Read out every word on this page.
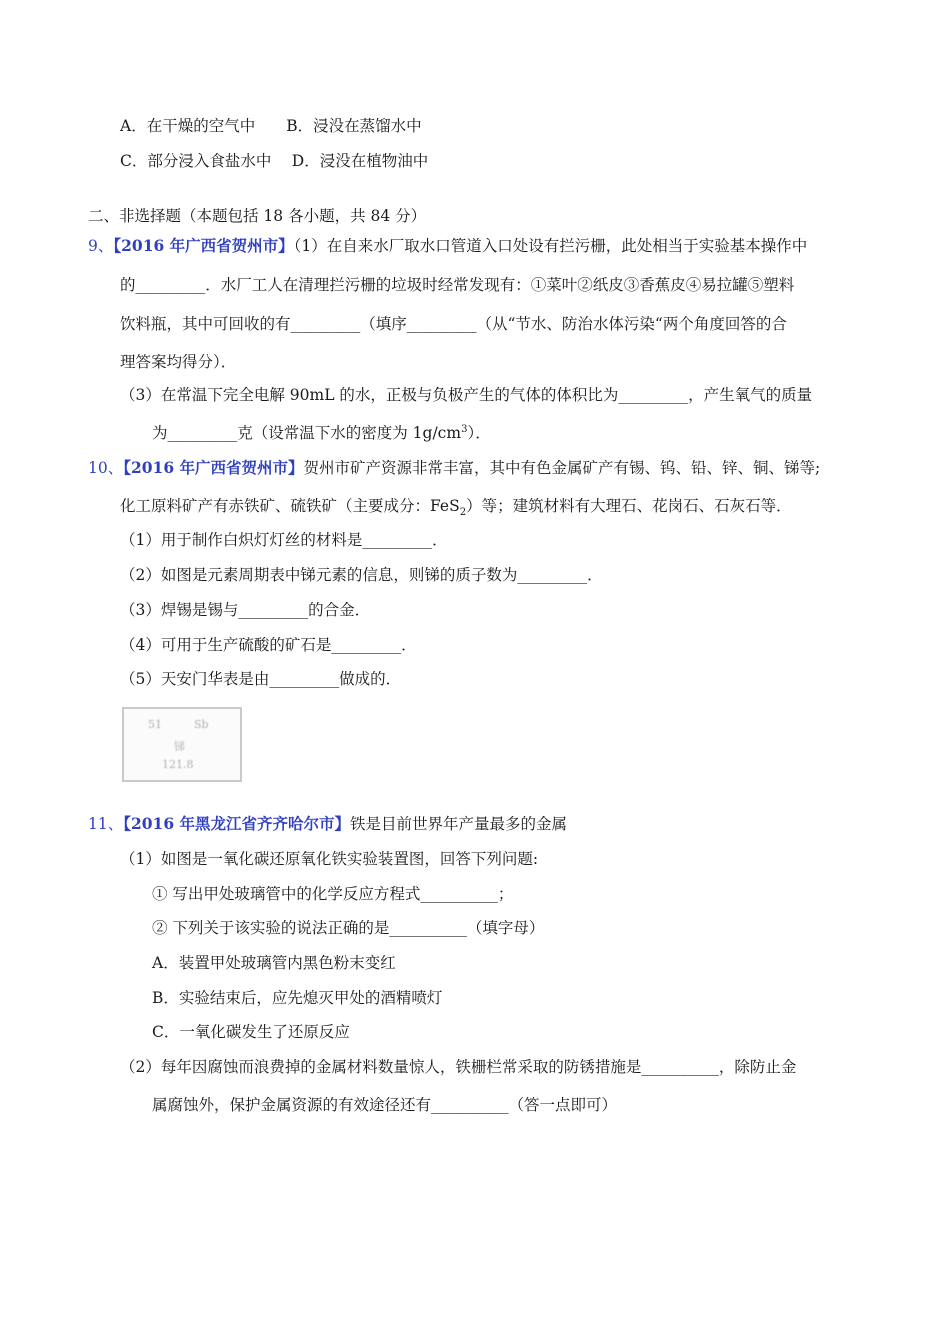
A．在干燥的空气中　　B．浸没在蒸馏水中
C．部分浸入食盐水中　 D．浸没在植物油中
二、非选择题（本题包括 18 各小题，共 84 分）
9、【2016 年广西省贺州市】（1）在自来水厂取水口管道入口处设有拦污栅，此处相当于实验基本操作中
的_________．水厂工人在清理拦污栅的垃圾时经常发现有：①菜叶②纸皮③香蕉皮④易拉罐⑤塑料
饮料瓶，其中可回收的有_________（填序_________（从“节水、防治水体污染“两个角度回答的合
理答案均得分）．
（3）在常温下完全电解 90mL 的水，正极与负极产生的气体的体积比为_________，产生氧气的质量
为_________克（设常温下水的密度为 $1g/cm^3$）．
10、【2016 年广西省贺州市】贺州市矿产资源非常丰富，其中有色金属矿产有锡、钨、铅、锌、铜、锑等;
化工原料矿产有赤铁矿、硫铁矿（主要成分：FeS$_2$）等；建筑材料有大理石、花岗石、石灰石等．
（1）用于制作白炽灯灯丝的材料是_________．
（2）如图是元素周期表中锑元素的信息，则锑的质子数为_________．
（3）焊锡是锡与_________的合金．
（4）可用于生产硫酸的矿石是_________．
（5）天安门华表是由_________做成的．
51	Sb
锑
121.8
11、【2016 年黑龙江省齐齐哈尔市】铁是目前世界年产量最多的金属
（1）如图是一氧化碳还原氧化铁实验装置图，回答下列问题:
① 写出甲处玻璃管中的化学反应方程式__________；
② 下列关于该实验的说法正确的是__________（填字母）
A．装置甲处玻璃管内黑色粉末变红
B．实验结束后，应先熄灭甲处的酒精喷灯
C．一氧化碳发生了还原反应
（2）每年因腐蚀而浪费掉的金属材料数量惊人，铁栅栏常采取的防锈措施是__________，除防止金
属腐蚀外，保护金属资源的有效途径还有__________（答一点即可）
